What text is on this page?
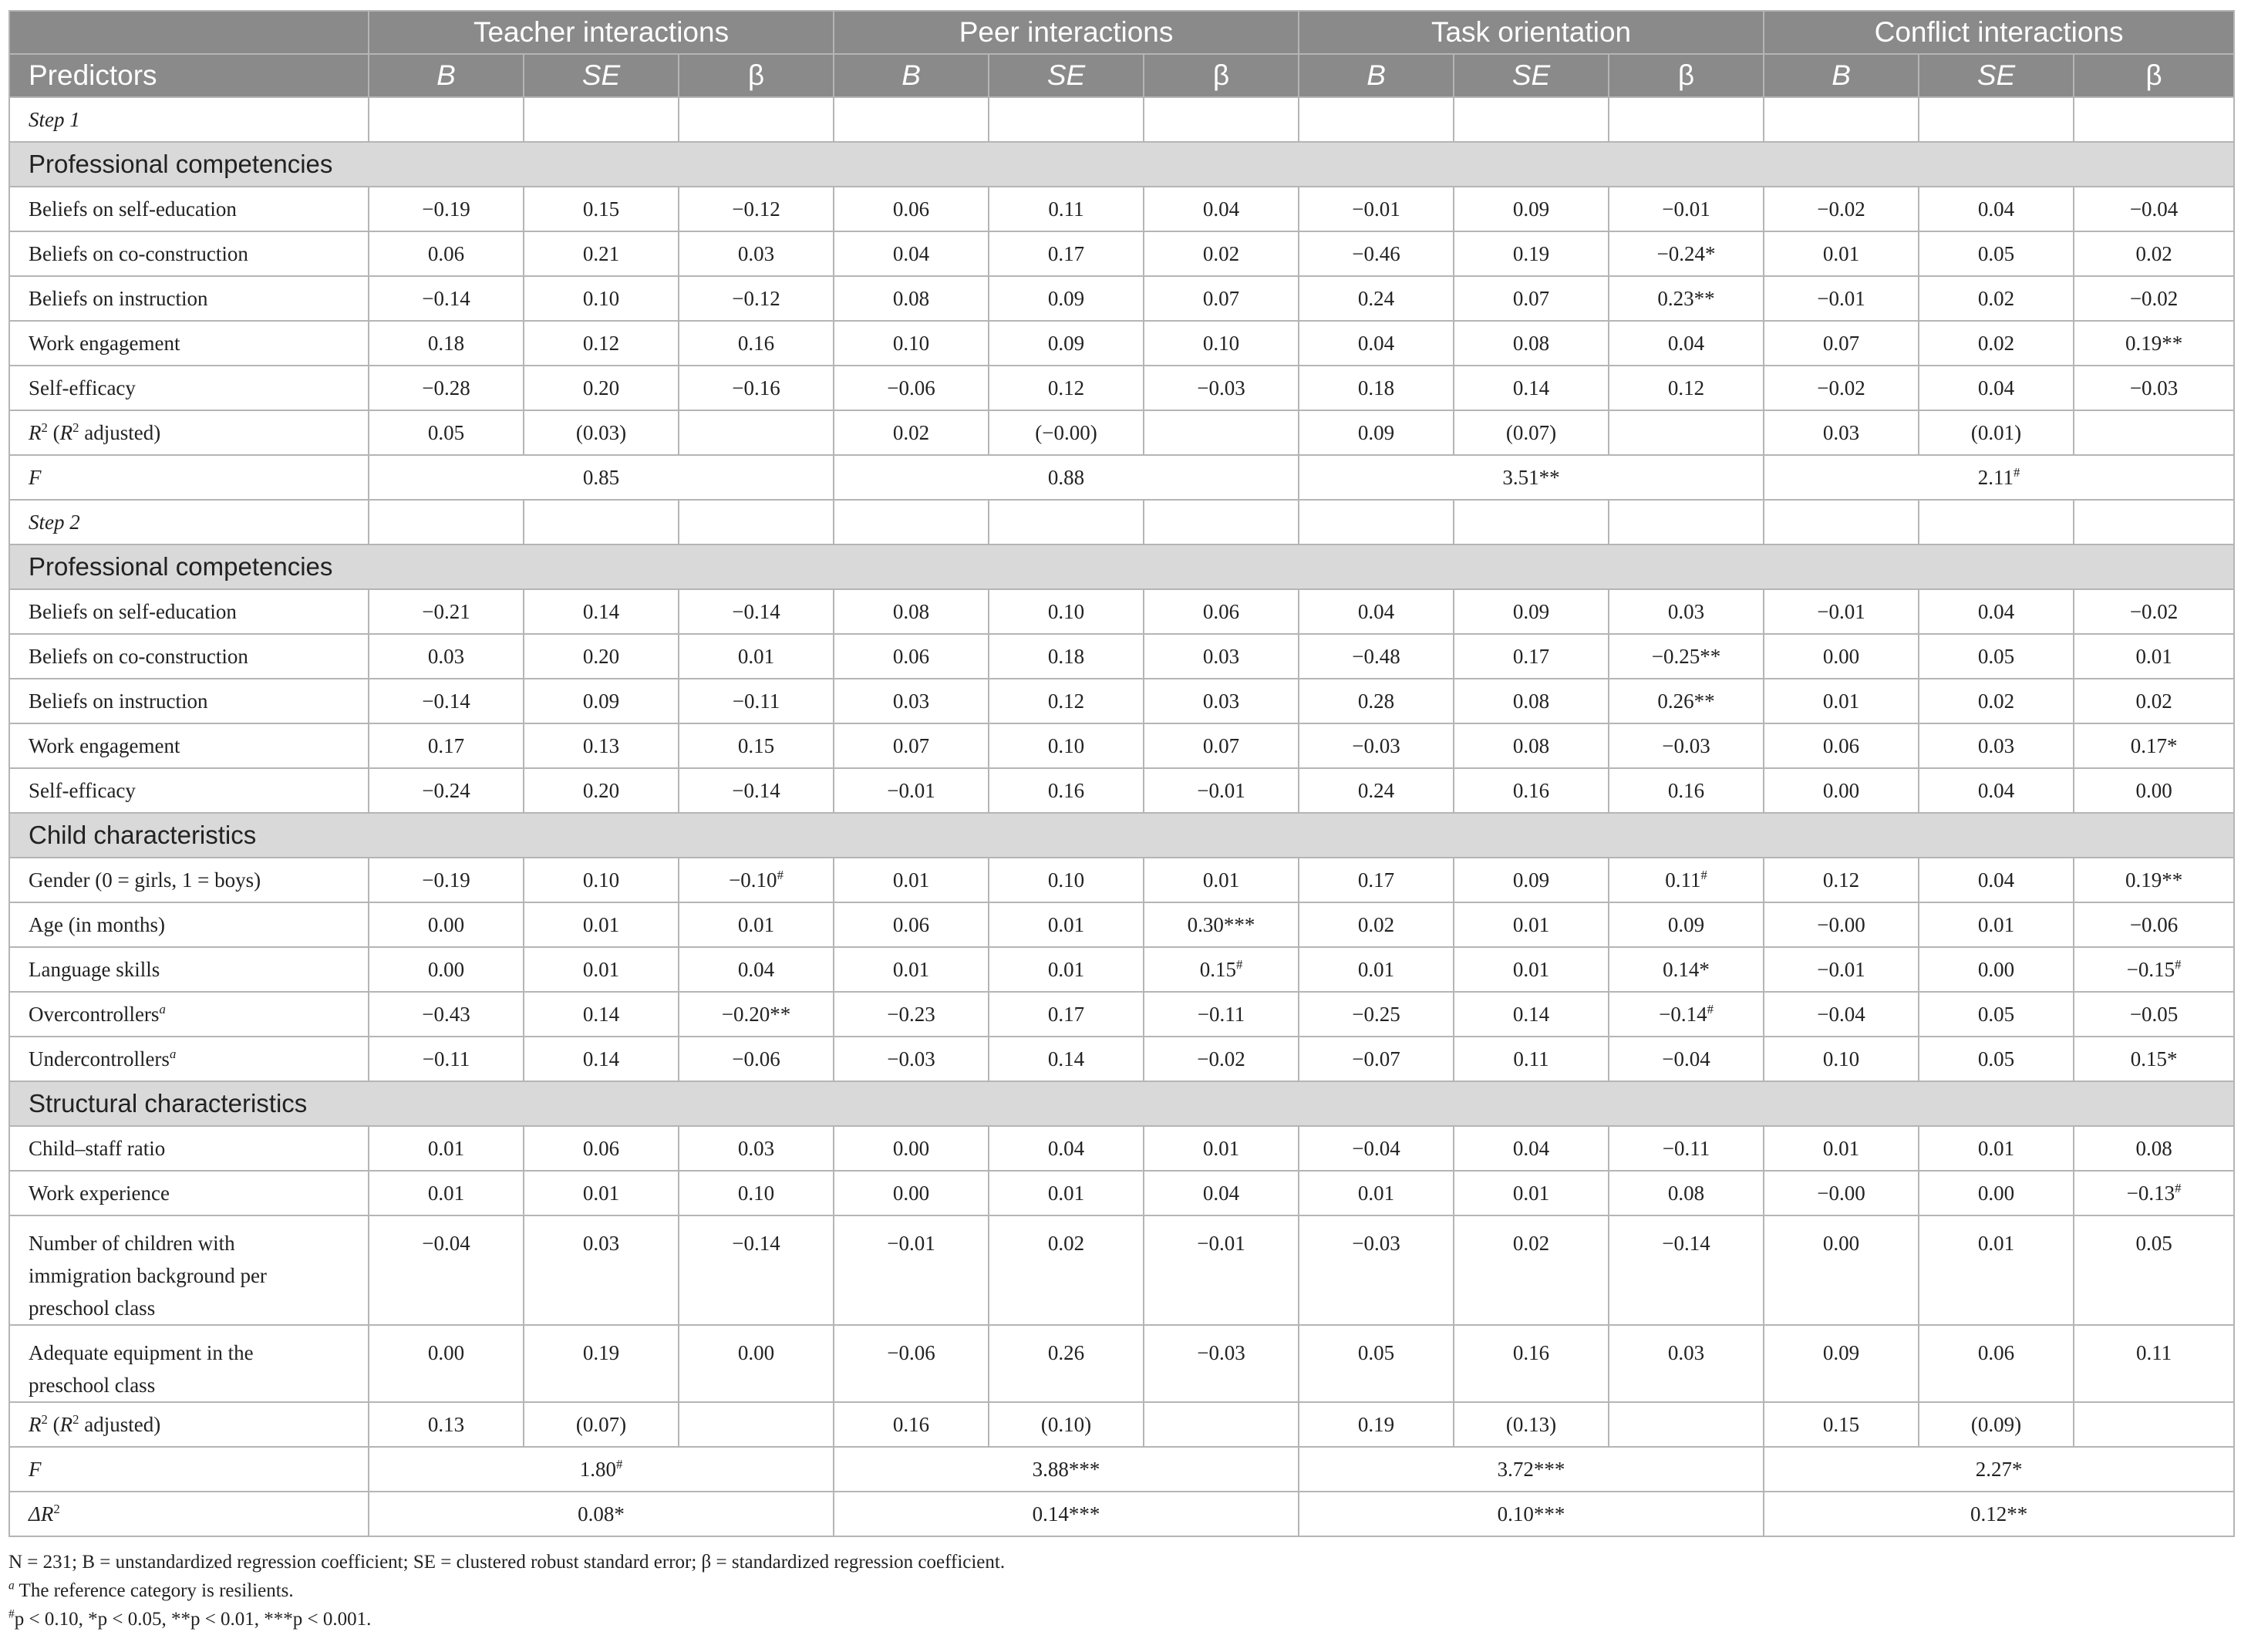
	Teacher interactions			Peer interactions			Task orientation			Conflict interactions		
Predictors	B	SE	β	B	SE	β	B	SE	β	B	SE	β
Step 1												
Professional competencies												
Beliefs on self-education	−0.19	0.15	−0.12	0.06	0.11	0.04	−0.01	0.09	−0.01	−0.02	0.04	−0.04
Beliefs on co-construction	0.06	0.21	0.03	0.04	0.17	0.02	−0.46	0.19	−0.24*	0.01	0.05	0.02
Beliefs on instruction	−0.14	0.10	−0.12	0.08	0.09	0.07	0.24	0.07	0.23**	−0.01	0.02	−0.02
Work engagement	0.18	0.12	0.16	0.10	0.09	0.10	0.04	0.08	0.04	0.07	0.02	0.19**
Self-efficacy	−0.28	0.20	−0.16	−0.06	0.12	−0.03	0.18	0.14	0.12	−0.02	0.04	−0.03
$R^2$ ($R^2$ adjusted)	0.05	(0.03)		0.02	(−0.00)		0.09	(0.07)		0.03	(0.01)	
F	0.85			0.88			3.51**			2.11#
Step 2												
Professional competencies												
Beliefs on self-education	−0.21	0.14	−0.14	0.08	0.10	0.06	0.04	0.09	0.03	−0.01	0.04	−0.02
Beliefs on co-construction	0.03	0.20	0.01	0.06	0.18	0.03	−0.48	0.17	−0.25**	0.00	0.05	0.01
Beliefs on instruction	−0.14	0.09	−0.11	0.03	0.12	0.03	0.28	0.08	0.26**	0.01	0.02	0.02
Work engagement	0.17	0.13	0.15	0.07	0.10	0.07	−0.03	0.08	−0.03	0.06	0.03	0.17*
Self-efficacy	−0.24	0.20	−0.14	−0.01	0.16	−0.01	0.24	0.16	0.16	0.00	0.04	0.00
Child characteristics												
Gender (0 = girls, 1 = boys)	−0.19	0.10	−0.10#	0.01	0.10	0.01	0.17	0.09	0.11#	0.12	0.04	0.19**
Age (in months)	0.00	0.01	0.01	0.06	0.01	0.30***	0.02	0.01	0.09	−0.00	0.01	−0.06
Language skills	0.00	0.01	0.04	0.01	0.01	0.15#	0.01	0.01	0.14*	−0.01	0.00	−0.15#
Overcontrollers$^a$	−0.43	0.14	−0.20**	−0.23	0.17	−0.11	−0.25	0.14	−0.14#	−0.04	0.05	−0.05
Undercontrollers$^a$	−0.11	0.14	−0.06	−0.03	0.14	−0.02	−0.07	0.11	−0.04	0.10	0.05	0.15*
Structural characteristics												
Child–staff ratio	0.01	0.06	0.03	0.00	0.04	0.01	−0.04	0.04	−0.11	0.01	0.01	0.08
Work experience	0.01	0.01	0.10	0.00	0.01	0.04	0.01	0.01	0.08	−0.00	0.00	−0.13#

Number of children with
immigration background per
preschool class	−0.04	0.03	−0.14	−0.01	0.02	−0.01	−0.03	0.02	−0.14	0.00	0.01	0.05

Adequate equipment in the
preschool class	0.00	0.19	0.00	−0.06	0.26	−0.03	0.05	0.16	0.03	0.09	0.06	0.11
$R^2$ ($R^2$ adjusted)	0.13	(0.07)		0.16	(0.10)		0.19	(0.13)		0.15	(0.09)	
F	1.80#			3.88***			3.72***			2.27*		
$\Delta R^2$	0.08*			0.14***			0.10***			0.12**		
N = 231; B = unstandardized regression coefficient; SE = clustered robust standard error; β = standardized regression coefficient.
$^a$ The reference category is resilients.
#p < 0.10, *p < 0.05, **p < 0.01, ***p < 0.001.
